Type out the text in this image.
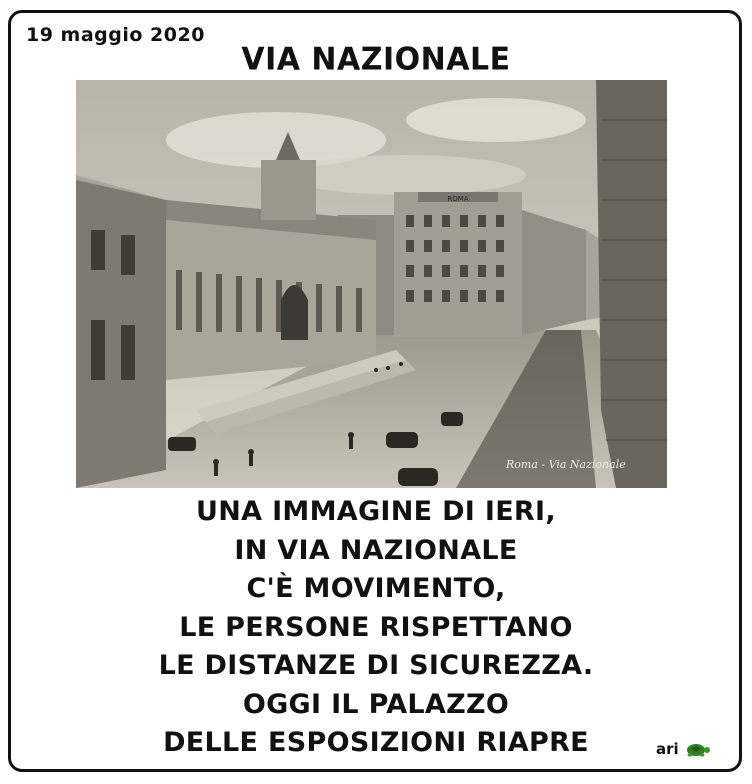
19 maggio 2020
VIA NAZIONALE
ROMA
Roma - Via Nazionale
UNA IMMAGINE DI IERI,
IN VIA NAZIONALE
C'È MOVIMENTO,
LE PERSONE RISPETTANO
LE DISTANZE DI SICUREZZA.
OGGI IL PALAZZO
DELLE ESPOSIZIONI RIAPRE	ari
